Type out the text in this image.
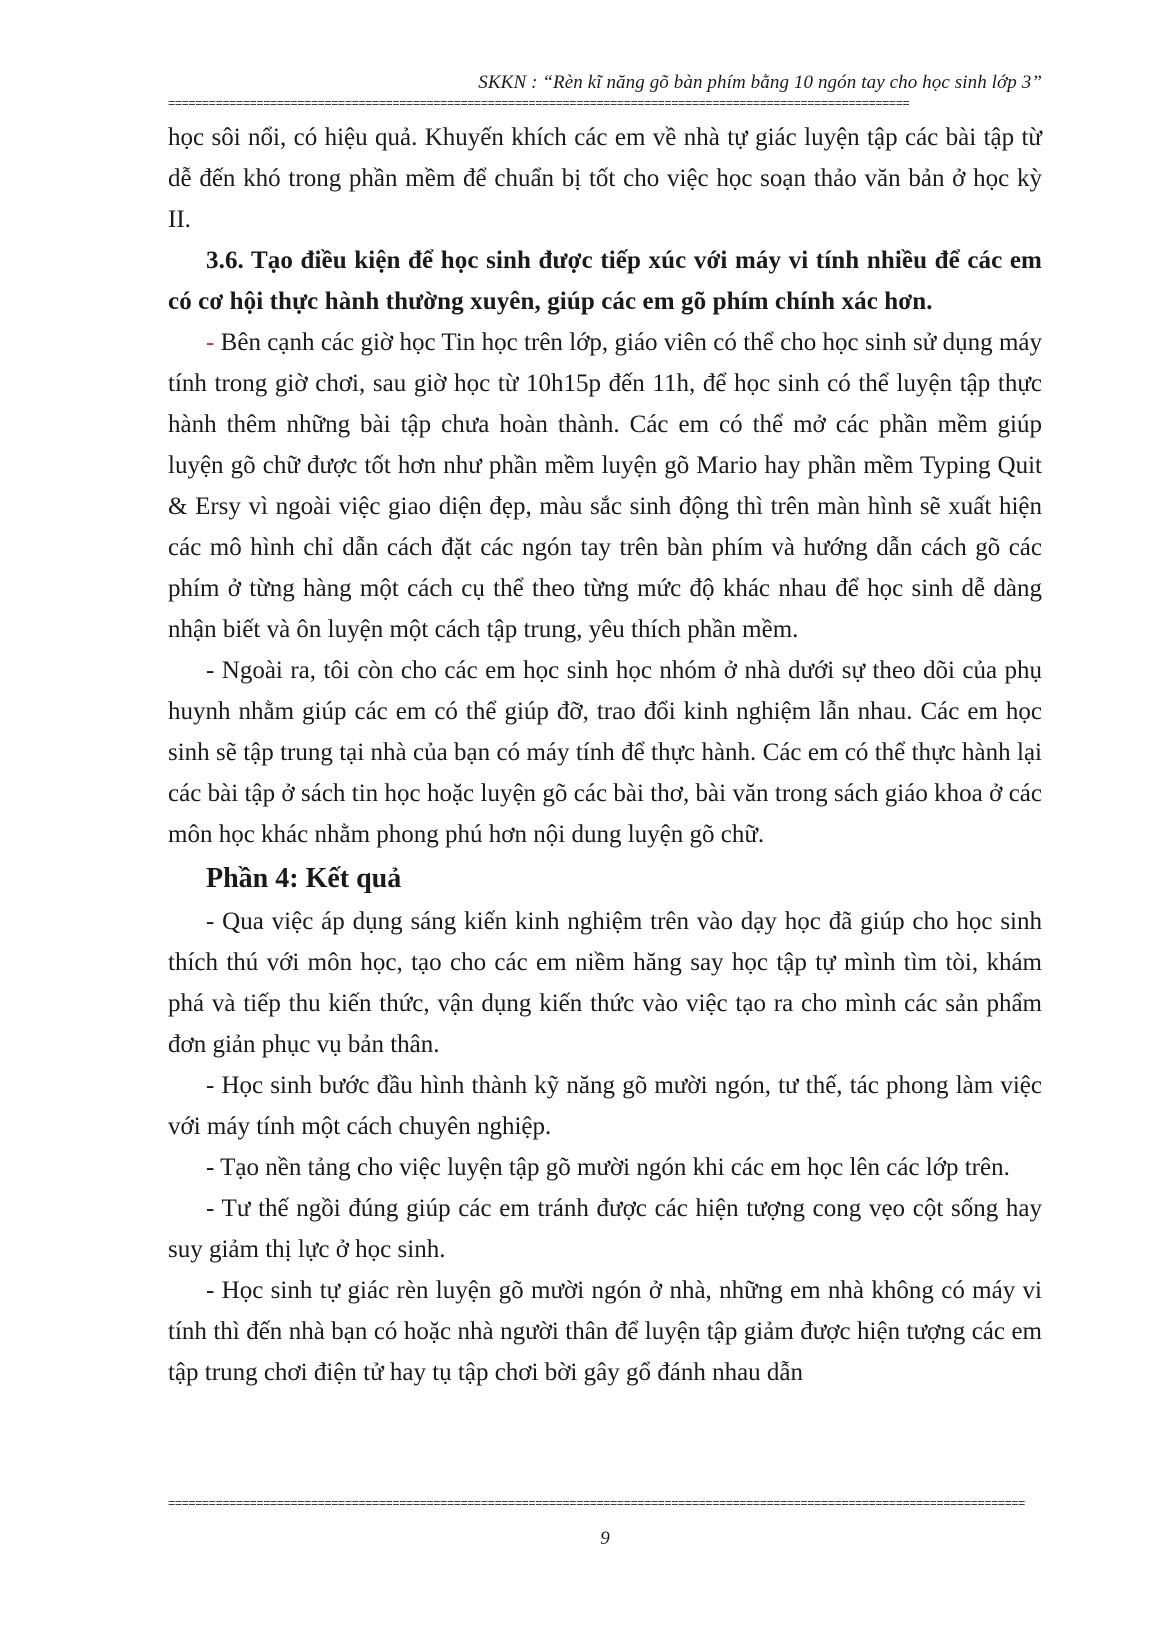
SKKN : “Rèn kĩ năng gõ bàn phím bằng 10 ngón tay cho học sinh lớp 3”
=============================================================================================================

học sôi nổi, có hiệu quả. Khuyến khích các em về nhà tự giác luyện tập các bài tập từ dễ đến khó trong phần mềm để chuẩn bị tốt cho việc học soạn thảo văn bản ở học kỳ II.

3.6. Tạo điều kiện để học sinh được tiếp xúc với máy vi tính nhiều để các em có cơ hội thực hành thường xuyên, giúp các em gõ phím chính xác hơn.

- Bên cạnh các giờ học Tin học trên lớp, giáo viên có thể cho học sinh sử dụng máy tính trong giờ chơi, sau giờ học từ 10h15p đến 11h, để học sinh có thể luyện tập thực hành thêm những bài tập chưa hoàn thành. Các em có thể mở các phần mềm giúp luyện gõ chữ được tốt hơn như phần mềm luyện gõ Mario hay phần mềm Typing Quit & Ersy vì ngoài việc giao diện đẹp, màu sắc sinh động thì trên màn hình sẽ xuất hiện các mô hình chỉ dẫn cách đặt các ngón tay trên bàn phím và hướng dẫn cách gõ các phím ở từng hàng một cách cụ thể theo từng mức độ khác nhau để học sinh dễ dàng nhận biết và ôn luyện một cách tập trung, yêu thích phần mềm.

- Ngoài ra, tôi còn cho các em học sinh học nhóm ở nhà dưới sự theo dõi của phụ huynh nhằm giúp các em có thể giúp đỡ, trao đổi kinh nghiệm lẫn nhau. Các em học sinh sẽ tập trung tại nhà của bạn có máy tính để thực hành. Các em có thể thực hành lại các bài tập ở sách tin học hoặc luyện gõ các bài thơ, bài văn trong sách giáo khoa ở các môn học khác nhằm phong phú hơn nội dung luyện gõ chữ.

Phần 4: Kết quả

- Qua việc áp dụng sáng kiến kinh nghiệm trên vào dạy học đã giúp cho học sinh thích thú với môn học, tạo cho các em niềm hăng say học tập tự mình tìm tòi, khám phá và tiếp thu kiến thức, vận dụng kiến thức vào việc tạo ra cho mình các sản phẩm đơn giản phục vụ bản thân.

- Học sinh bước đầu hình thành kỹ năng gõ mười ngón, tư thế, tác phong làm việc với máy tính một cách chuyên nghiệp.

- Tạo nền tảng cho việc luyện tập gõ mười ngón khi các em học lên các lớp trên.

- Tư thế ngồi đúng giúp các em tránh được các hiện tượng cong vẹo cột sống hay suy giảm thị lực ở học sinh.

- Học sinh tự giác rèn luyện gõ mười ngón ở nhà, những em nhà không có máy vi tính thì đến nhà bạn có hoặc nhà người thân để luyện tập giảm được hiện tượng các em tập trung chơi điện tử hay tụ tập chơi bời gây gổ đánh nhau dẫn

==============================================================================================================================
9
